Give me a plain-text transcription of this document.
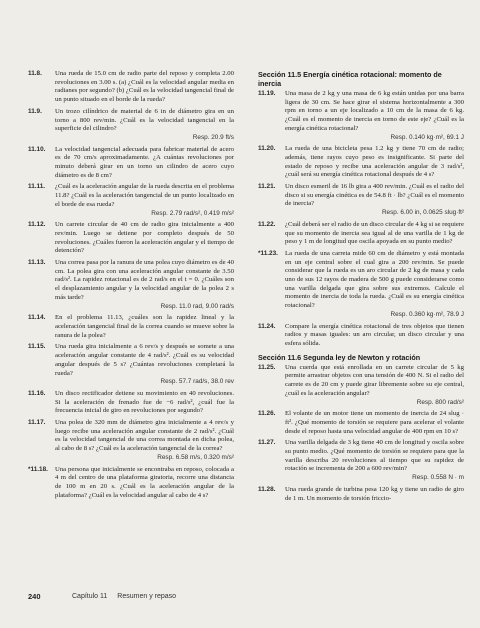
11.8.	Una rueda de 15.0 cm de radio parte del reposo y completa 2.00 revoluciones en 3.00 s. (a) ¿Cuál es la velocidad angular media en radianes por segundo? (b) ¿Cuál es la velocidad tangencial final de un punto situado en el borde de la rueda?
11.9.	Un trozo cilíndrico de material de 6 in de diámetro gira en un torno a 800 rev/min. ¿Cuál es la velocidad tangencial en la superficie del cilindro?
Resp. 20.9 ft/s
11.10.	La velocidad tangencial adecuada para fabricar material de acero es de 70 cm/s aproximadamente. ¿A cuántas revoluciones por minuto deberá girar en un torno un cilindro de acero cuyo diámetro es de 8 cm?
11.11.	¿Cuál es la aceleración angular de la rueda descrita en el problema 11.8? ¿Cuál es la aceleración tangencial de un punto localizado en el borde de esa rueda?
Resp. 2.79 rad/s², 0.419 m/s²
11.12.	Un carrete circular de 40 cm de radio gira inicialmente a 400 rev/min. Luego se detiene por completo después de 50 revoluciones. ¿Cuáles fueron la aceleración angular y el tiempo de detención?
11.13.	Una correa pasa por la ranura de una polea cuyo diámetro es de 40 cm. La polea gira con una aceleración angular constante de 3.50 rad/s². La rapidez rotacional es de 2 rad/s en el t = 0. ¿Cuáles son el desplazamiento angular y la velocidad angular de la polea 2 s más tarde?
Resp. 11.0 rad, 9.00 rad/s
11.14.	En el problema 11.13, ¿cuáles son la rapidez lineal y la aceleración tangencial final de la correa cuando se mueve sobre la ranura de la polea?
11.15.	Una rueda gira inicialmente a 6 rev/s y después se somete a una aceleración angular constante de 4 rad/s². ¿Cuál es su velocidad angular después de 5 s? ¿Cuántas revoluciones completará la rueda?
Resp. 57.7 rad/s, 38.0 rev
11.16.	Un disco rectificador detiene su movimiento en 40 revoluciones. Si la aceleración de frenado fue de −6 rad/s², ¿cuál fue la frecuencia inicial de giro en revoluciones por segundo?
11.17.	Una polea de 320 mm de diámetro gira inicialmente a 4 rev/s y luego recibe una aceleración angular constante de 2 rad/s². ¿Cuál es la velocidad tangencial de una correa montada en dicha polea, al cabo de 8 s? ¿Cuál es la aceleración tangencial de la correa?
Resp. 6.58 m/s, 0.320 m/s²
*11.18.	Una persona que inicialmente se encontraba en reposo, colocada a 4 m del centro de una plataforma giratoria, recorre una distancia de 100 m en 20 s. ¿Cuál es la aceleración angular de la plataforma? ¿Cuál es la velocidad angular al cabo de 4 s?
Sección 11.5 Energía cinética rotacional: momento de inercia
11.19.	Una masa de 2 kg y una masa de 6 kg están unidas por una barra ligera de 30 cm. Se hace girar el sistema horizontalmente a 300 rpm en torno a un eje localizado a 10 cm de la masa de 6 kg. ¿Cuál es el momento de inercia en torno de este eje? ¿Cuál es la energía cinética rotacional?
Resp. 0.140 kg·m², 69.1 J
11.20.	La rueda de una bicicleta pesa 1.2 kg y tiene 70 cm de radio; además, tiene rayos cuyo peso es insignificante. Si parte del estado de reposo y recibe una aceleración angular de 3 rad/s², ¿cuál será su energía cinética rotacional después de 4 s?
11.21.	Un disco esmeril de 16 lb gira a 400 rev/min. ¿Cuál es el radio del disco si su energía cinética es de 54.8 ft · lb? ¿Cuál es el momento de inercia?
Resp. 6.00 in, 0.0625 slug·ft²
11.22.	¿Cuál deberá ser el radio de un disco circular de 4 kg si se requiere que su momento de inercia sea igual al de una varilla de 1 kg de peso y 1 m de longitud que oscila apoyada en su punto medio?
*11.23.	La rueda de una carreta mide 60 cm de diámetro y está montada en un eje central sobre el cual gira a 200 rev/min. Se puede considerar que la rueda es un aro circular de 2 kg de masa y cada uno de sus 12 rayos de madera de 500 g puede considerarse como una varilla delgada que gira sobre sus extremos. Calcule el momento de inercia de toda la rueda. ¿Cuál es su energía cinética rotacional?
Resp. 0.360 kg·m², 78.9 J
11.24.	Compare la energía cinética rotacional de tres objetos que tienen radios y masas iguales: un aro circular, un disco circular y una esfera sólida.
Sección 11.6 Segunda ley de Newton y rotación
11.25.	Una cuerda que está enrollada en un carrete circular de 5 kg permite arrastrar objetos con una tensión de 400 N. Si el radio del carrete es de 20 cm y puede girar libremente sobre su eje central, ¿cuál es la aceleración angular?
Resp. 800 rad/s²
11.26.	El volante de un motor tiene un momento de inercia de 24 slug · ft². ¿Qué momento de torsión se requiere para acelerar el volante desde el reposo hasta una velocidad angular de 400 rpm en 10 s?
11.27.	Una varilla delgada de 3 kg tiene 40 cm de longitud y oscila sobre su punto medio. ¿Qué momento de torsión se requiere para que la varilla describa 20 revoluciones al tiempo que su rapidez de rotación se incrementa de 200 a 600 rev/min?
Resp. 0.558 N · m
11.28.	Una rueda grande de turbina pesa 120 kg y tiene un radio de giro de 1 m. Un momento de torsión friccio-
240	Capítulo 11 Resumen y repaso
